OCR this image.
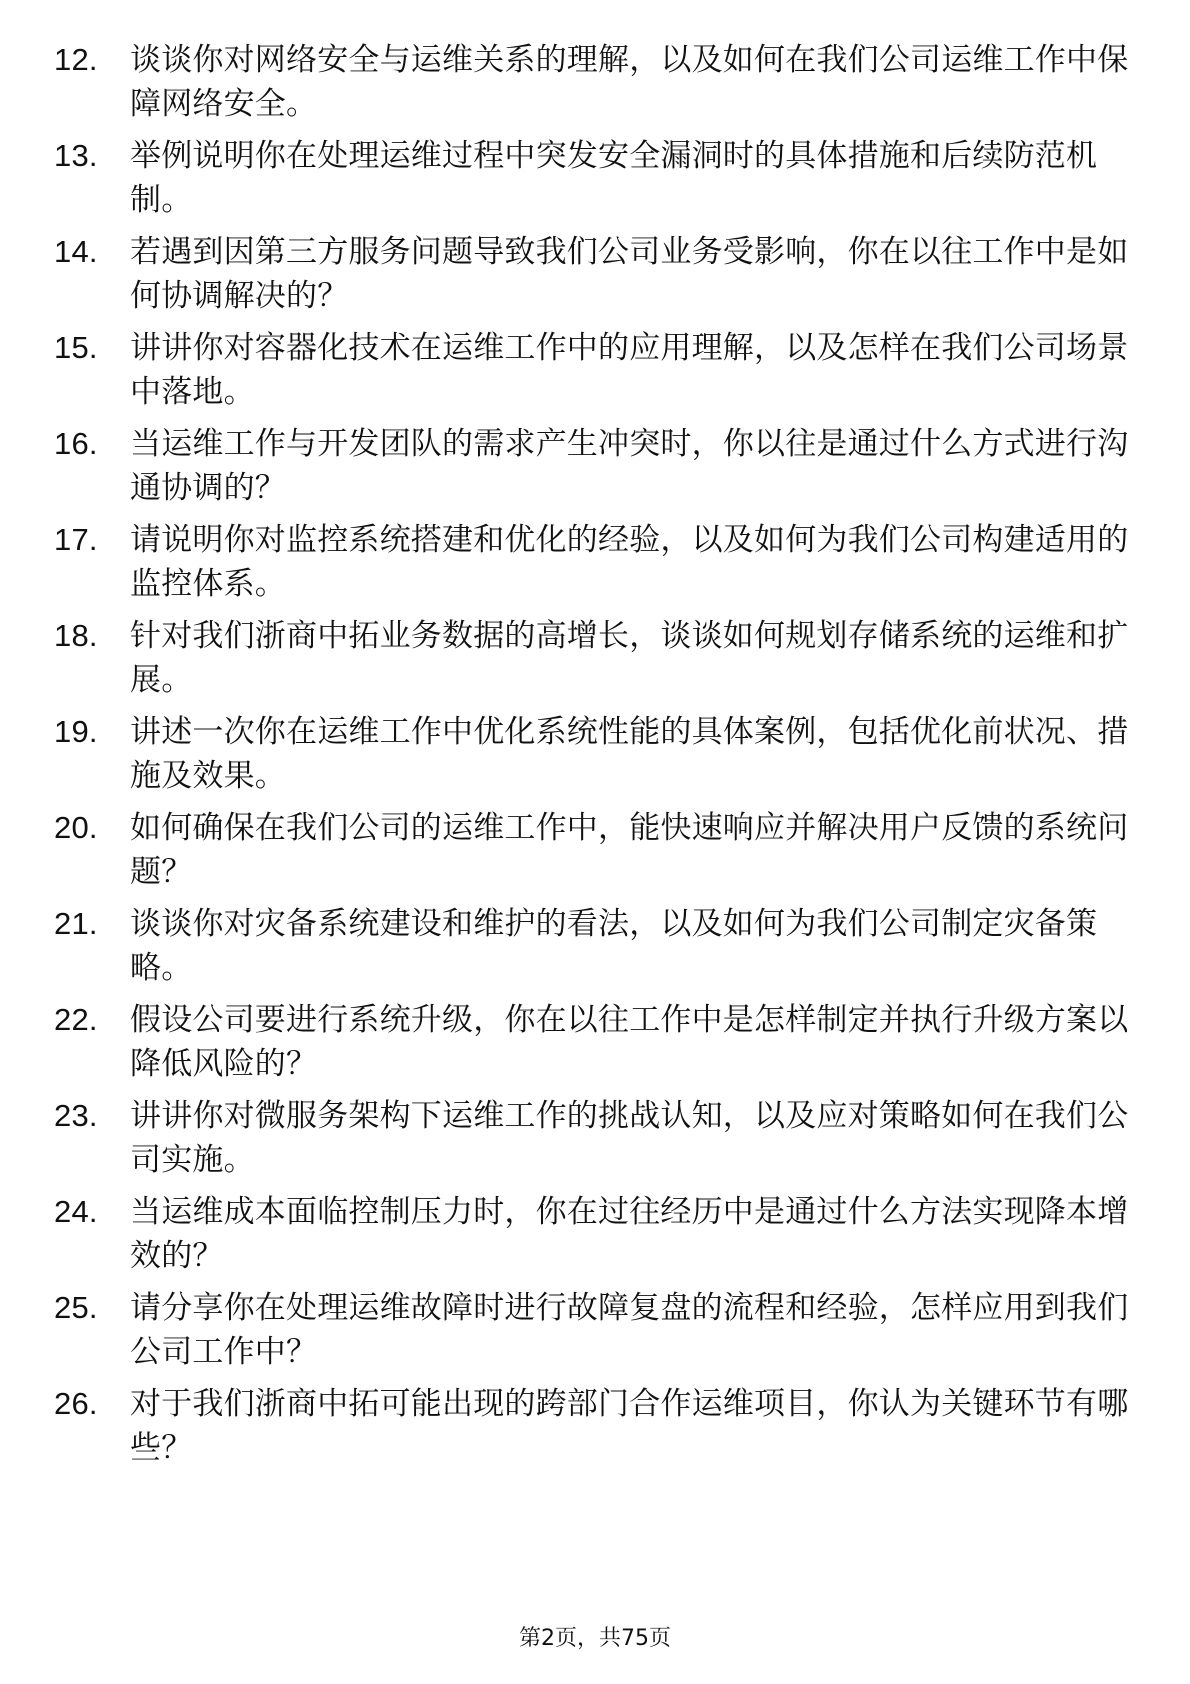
12.	谈谈你对网络安全与运维关系的理解，以及如何在我们公司运维工作中保障网络安全。
13.	举例说明你在处理运维过程中突发安全漏洞时的具体措施和后续防范机制。
14.	若遇到因第三方服务问题导致我们公司业务受影响，你在以往工作中是如何协调解决的？
15.	讲讲你对容器化技术在运维工作中的应用理解，以及怎样在我们公司场景中落地。
16.	当运维工作与开发团队的需求产生冲突时，你以往是通过什么方式进行沟通协调的？
17.	请说明你对监控系统搭建和优化的经验，以及如何为我们公司构建适用的监控体系。
18.	针对我们浙商中拓业务数据的高增长，谈谈如何规划存储系统的运维和扩展。
19.	讲述一次你在运维工作中优化系统性能的具体案例，包括优化前状况、措施及效果。
20.	如何确保在我们公司的运维工作中，能快速响应并解决用户反馈的系统问题？
21.	谈谈你对灾备系统建设和维护的看法，以及如何为我们公司制定灾备策略。
22.	假设公司要进行系统升级，你在以往工作中是怎样制定并执行升级方案以降低风险的？
23.	讲讲你对微服务架构下运维工作的挑战认知，以及应对策略如何在我们公司实施。
24.	当运维成本面临控制压力时，你在过往经历中是通过什么方法实现降本增效的？
25.	请分享你在处理运维故障时进行故障复盘的流程和经验，怎样应用到我们公司工作中？
26.	对于我们浙商中拓可能出现的跨部门合作运维项目，你认为关键环节有哪些？
第2页，共75页
